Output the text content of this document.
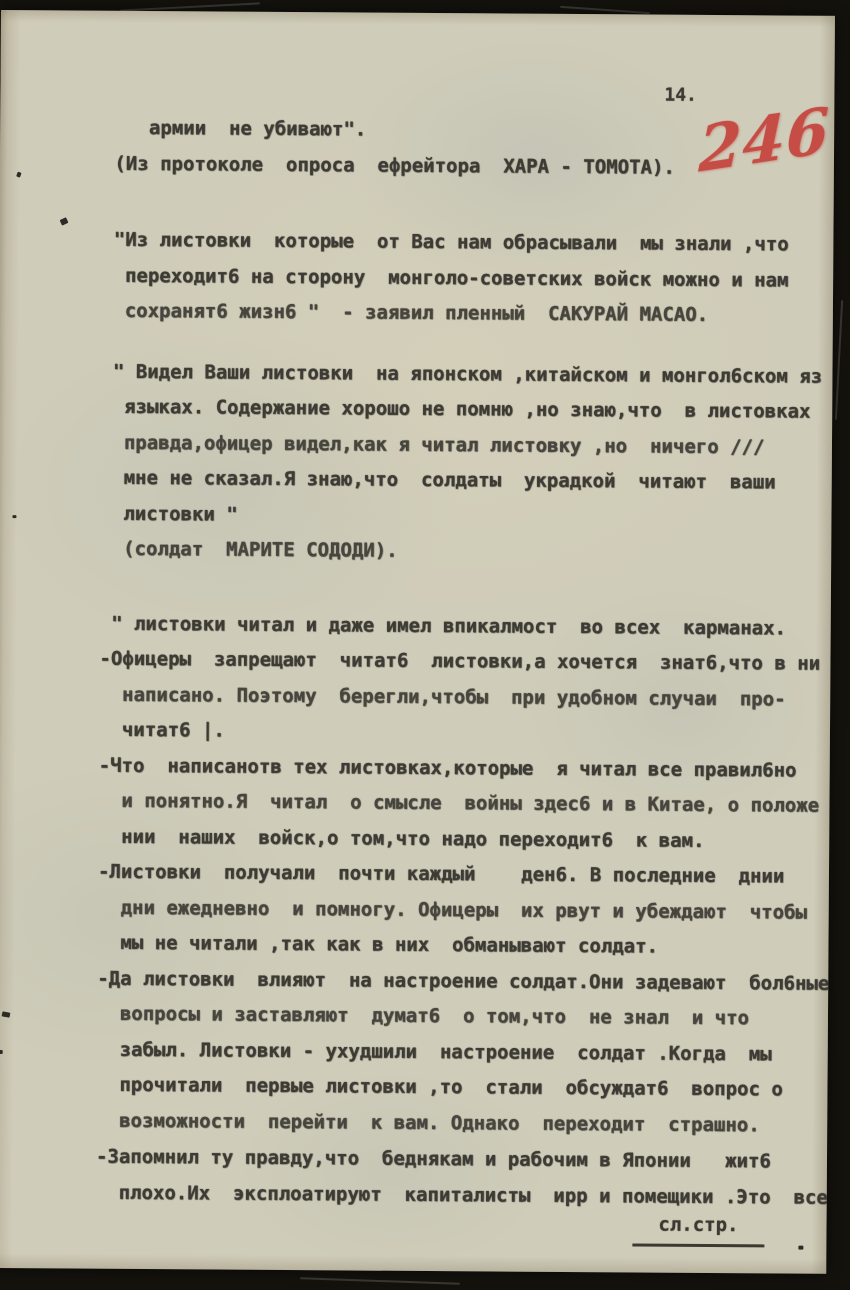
14. 246
армии  не убивают".
(Из протоколе  опроса  ефрейтора  ХАРА - ТОМОТА).
"Из листовки  которые  от Вас нам обрасывали  мы знали ,что
переходит6 на сторону  монголо-советских войск можно и нам
сохранят6 жизн6 "  - заявил пленный  САКУРАЙ МАСАО.
" Видел Ваши листовки  на японском ,китайском и монгол6ском яз
языках. Содержание хорошо не помню ,но знаю,что  в листовках
правда,офицер видел,как я читал листовку ,но  ничего ///
мне не сказал.Я знаю,что  солдаты  украдкой  читают  ваши
листовки "
(солдат  МАРИТЕ СОДОДИ).
" листовки читал и даже имел впикалмост  во всех  карманах.
-Офицеры  запрещают  читат6  листовки,а хочется  знат6,что в ни
написано. Поэтому  берегли,чтобы  при удобном случаи  про-
читат6 |.
-Что  написанотв тех листовках,которые  я читал все правил6но
и понятно.Я  читал  о смысле  войны здес6 и в Китае, о положе
нии  наших  войск,о том,что надо переходит6  к вам.
-Листовки  получали  почти каждый    ден6. В последние  днии
дни ежедневно  и помногу. Офицеры  их рвут и убеждают  чтобы
мы не читали ,так как в них  обманывают солдат.
-Да листовки  влияют  на настроение солдат.Они задевают  бол6ные
вопросы и заставляют  думат6  о том,что  не знал  и что
забыл. Листовки - ухудшили  настроение  солдат .Когда  мы
прочитали  первые листовки ,то  стали  обсуждат6  вопрос о
возможности  перейти  к вам. Однако  переходит  страшно.
-Запомнил ту правду,что  беднякам и рабочим в Японии   жит6
плохо.Их  эксплоатируют  капиталисты  ирр и помещики .Это  все
сл.стр.
